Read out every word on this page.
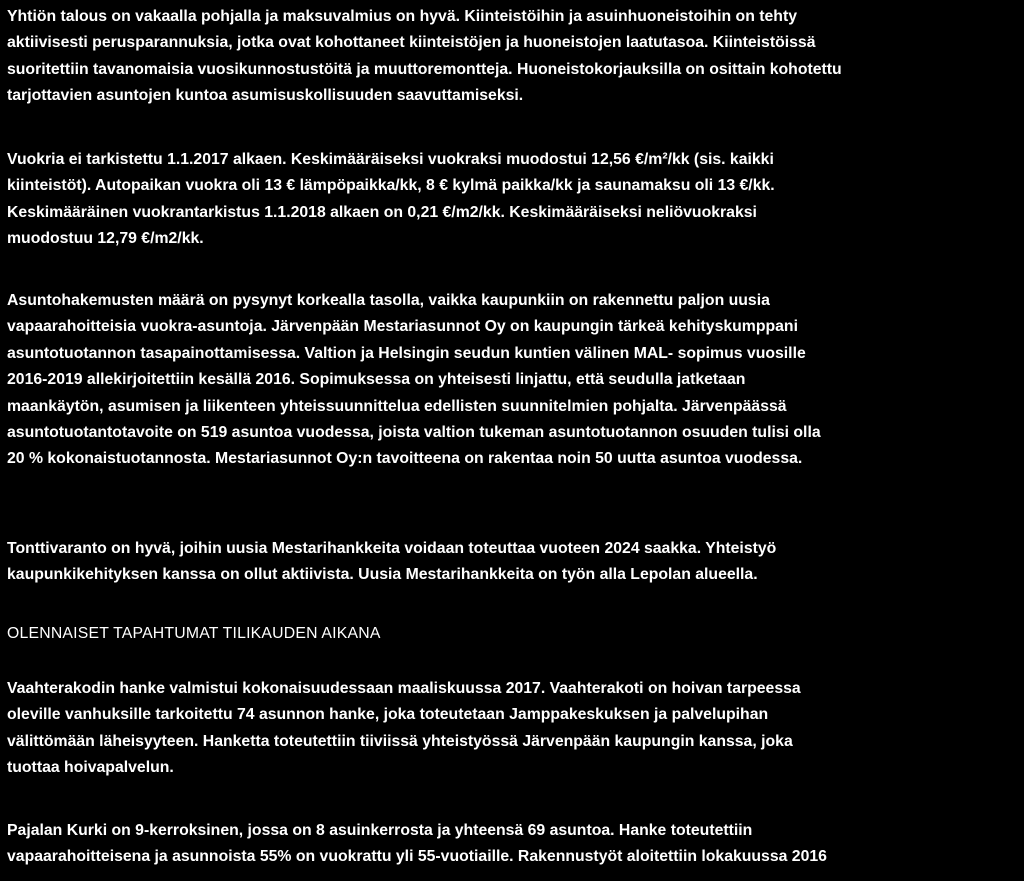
Yhtiön talous on vakaalla pohjalla ja maksuvalmius on hyvä. Kiinteistöihin ja asuinhuoneistoihin on tehty
aktiivisesti perusparannuksia, jotka ovat kohottaneet kiinteistöjen ja huoneistojen laatutasoa. Kiinteistöissä
suoritettiin tavanomaisia vuosikunnostustöitä ja muuttoremontteja. Huoneistokorjauksilla on osittain kohotettu
tarjottavien asuntojen kuntoa asumisuskollisuuden saavuttamiseksi.
Vuokria ei tarkistettu 1.1.2017 alkaen. Keskimääräiseksi vuokraksi muodostui 12,56 €/m²/kk (sis. kaikki
kiinteistöt). Autopaikan vuokra oli 13 € lämpöpaikka/kk, 8 € kylmä paikka/kk ja saunamaksu oli 13 €/kk.
Keskimääräinen vuokrantarkistus 1.1.2018 alkaen on 0,21 €/m2/kk. Keskimääräiseksi neliövuokraksi
muodostuu 12,79 €/m2/kk.
Asuntohakemusten määrä on pysynyt korkealla tasolla, vaikka kaupunkiin on rakennettu paljon uusia
vapaarahoitteisia vuokra-asuntoja. Järvenpään Mestariasunnot Oy on kaupungin tärkeä kehityskumppani
asuntotuotannon tasapainottamisessa. Valtion ja Helsingin seudun kuntien välinen MAL- sopimus vuosille
2016-2019 allekirjoitettiin kesällä 2016. Sopimuksessa on yhteisesti linjattu, että seudulla jatketaan
maankäytön, asumisen ja liikenteen yhteissuunnittelua edellisten suunnitelmien pohjalta. Järvenpäässä
asuntotuotantotavoite on 519 asuntoa vuodessa, joista valtion tukeman asuntotuotannon osuuden tulisi olla
20 % kokonaistuotannosta. Mestariasunnot Oy:n tavoitteena on rakentaa noin 50 uutta asuntoa vuodessa.
Tonttivaranto on hyvä, joihin uusia Mestarihankkeita voidaan toteuttaa vuoteen 2024 saakka. Yhteistyö
kaupunkikehityksen kanssa on ollut aktiivista. Uusia Mestarihankkeita on työn alla Lepolan alueella.
OLENNAISET TAPAHTUMAT TILIKAUDEN AIKANA
Vaahterakodin hanke valmistui kokonaisuudessaan maaliskuussa 2017. Vaahterakoti on hoivan tarpeessa
oleville vanhuksille tarkoitettu 74 asunnon hanke, joka toteutetaan Jamppakeskuksen ja palvelupihan
välittömään läheisyyteen. Hanketta toteutettiin tiiviissä yhteistyössä Järvenpään kaupungin kanssa, joka
tuottaa hoivapalvelun.
Pajalan Kurki on 9-kerroksinen, jossa on 8 asuinkerrosta ja yhteensä 69 asuntoa. Hanke toteutettiin
vapaarahoitteisena ja asunnoista 55% on vuokrattu yli 55-vuotiaille. Rakennustyöt aloitettiin lokakuussa 2016
